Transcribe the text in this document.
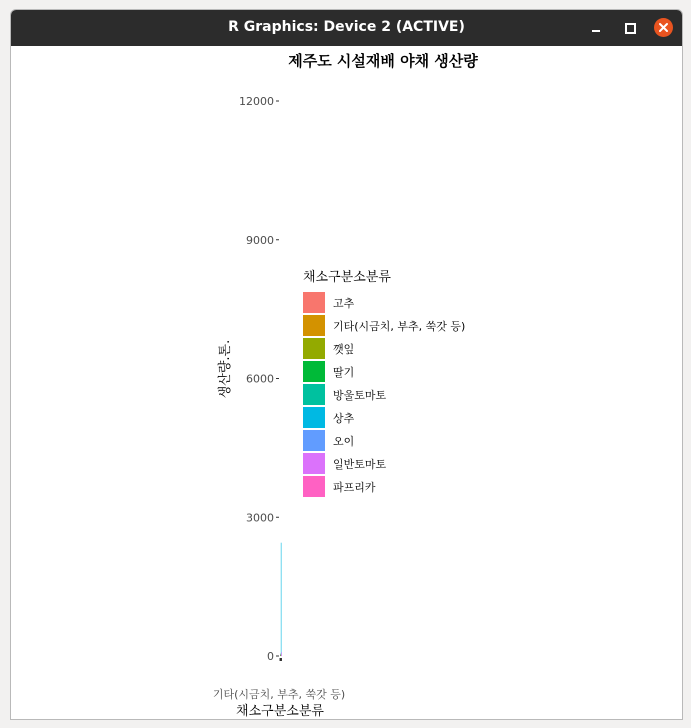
R Graphics: Device 2 (ACTIVE)
제주도 시설재배 야채 생산량
생산량.톤.
채소구분소분류
기타(시금치, 부추, 쑥갓 등)
0
3000
6000
9000
12000
채소구분소분류
고추
기타(시금치, 부추, 쑥갓 등)
깻잎
딸기
방울토마토
상추
오이
일반토마토
파프리카
